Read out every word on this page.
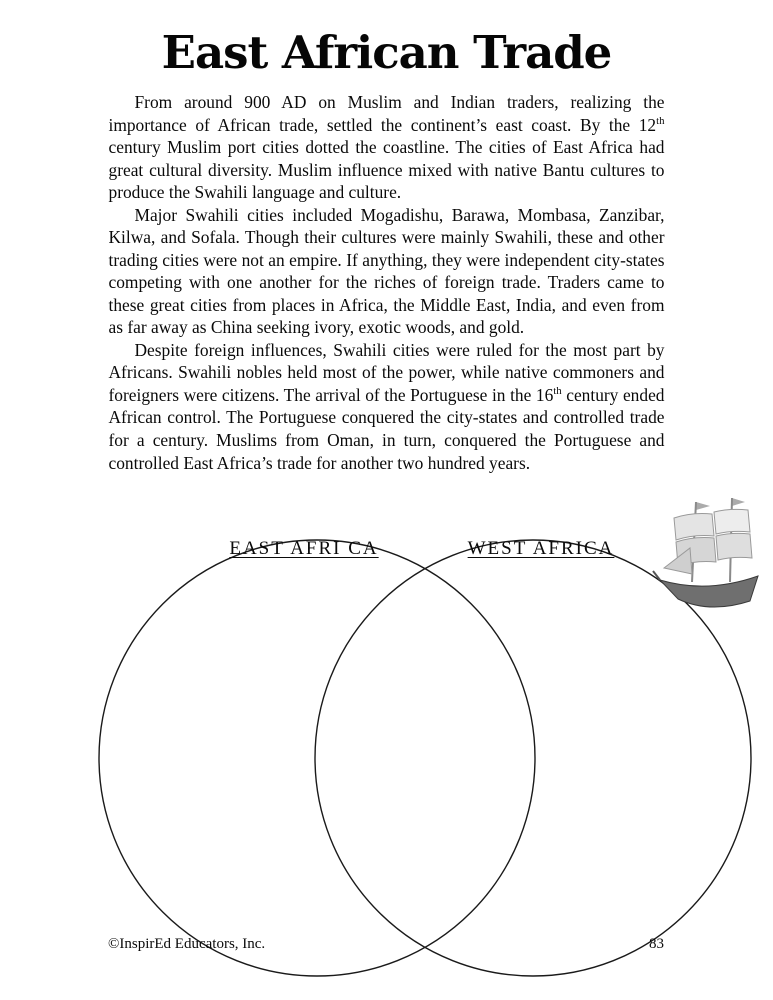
East African Trade

From around 900 AD on Muslim and Indian traders, realizing the importance of African trade, settled the continent’s east coast. By the 12th century Muslim port cities dotted the coastline. The cities of East Africa had great cultural diversity. Muslim influence mixed with native Bantu cultures to produce the Swahili language and culture.

Major Swahili cities included Mogadishu, Barawa, Mombasa, Zanzibar, Kilwa, and Sofala. Though their cultures were mainly Swahili, these and other trading cities were not an empire. If anything, they were independent city-states competing with one another for the riches of foreign trade. Traders came to these great cities from places in Africa, the Middle East, India, and even from as far away as China seeking ivory, exotic woods, and gold.

Despite foreign influences, Swahili cities were ruled for the most part by Africans. Swahili nobles held most of the power, while native commoners and foreigners were citizens. The arrival of the Portuguese in the 16th century ended African control. The Portuguese conquered the city-states and controlled trade for a century. Muslims from Oman, in turn, conquered the Portuguese and controlled East Africa’s trade for another two hundred years.

EAST AFRI CA	WEST AFRICA
©InspirEd Educators, Inc.	83
